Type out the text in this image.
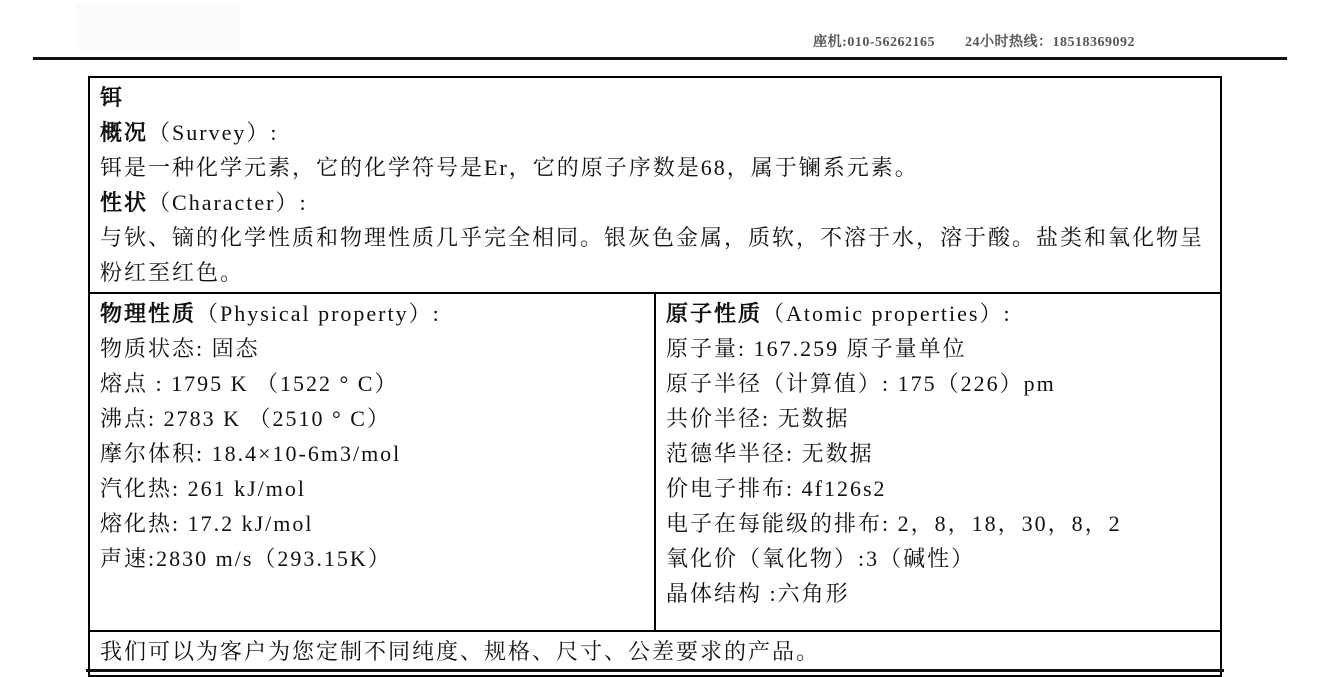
座机:010-56262165 24小时热线：18518369092
铒
概况（Survey）:
铒是一种化学元素，它的化学符号是Er，它的原子序数是68，属于镧系元素。
性状（Character）:
与钬、镝的化学性质和物理性质几乎完全相同。银灰色金属，质软，不溶于水，溶于酸。盐类和氧化物呈粉红至红色。

物理性质（Physical property）:
物质状态: 固态
熔点 : 1795 K （1522 ° C）
沸点: 2783 K （2510 ° C）
摩尔体积: 18.4×10-6m3/mol
汽化热: 261 kJ/mol
熔化热: 17.2 kJ/mol
声速:2830 m/s（293.15K）

原子性质（Atomic properties）:
原子量: 167.259 原子量单位
原子半径（计算值）: 175（226）pm
共价半径: 无数据
范德华半径: 无数据
价电子排布: 4f126s2
电子在每能级的排布: 2，8，18，30，8，2
氧化价（氧化物）:3（碱性）
晶体结构 :六角形

我们可以为客户为您定制不同纯度、规格、尺寸、公差要求的产品。
